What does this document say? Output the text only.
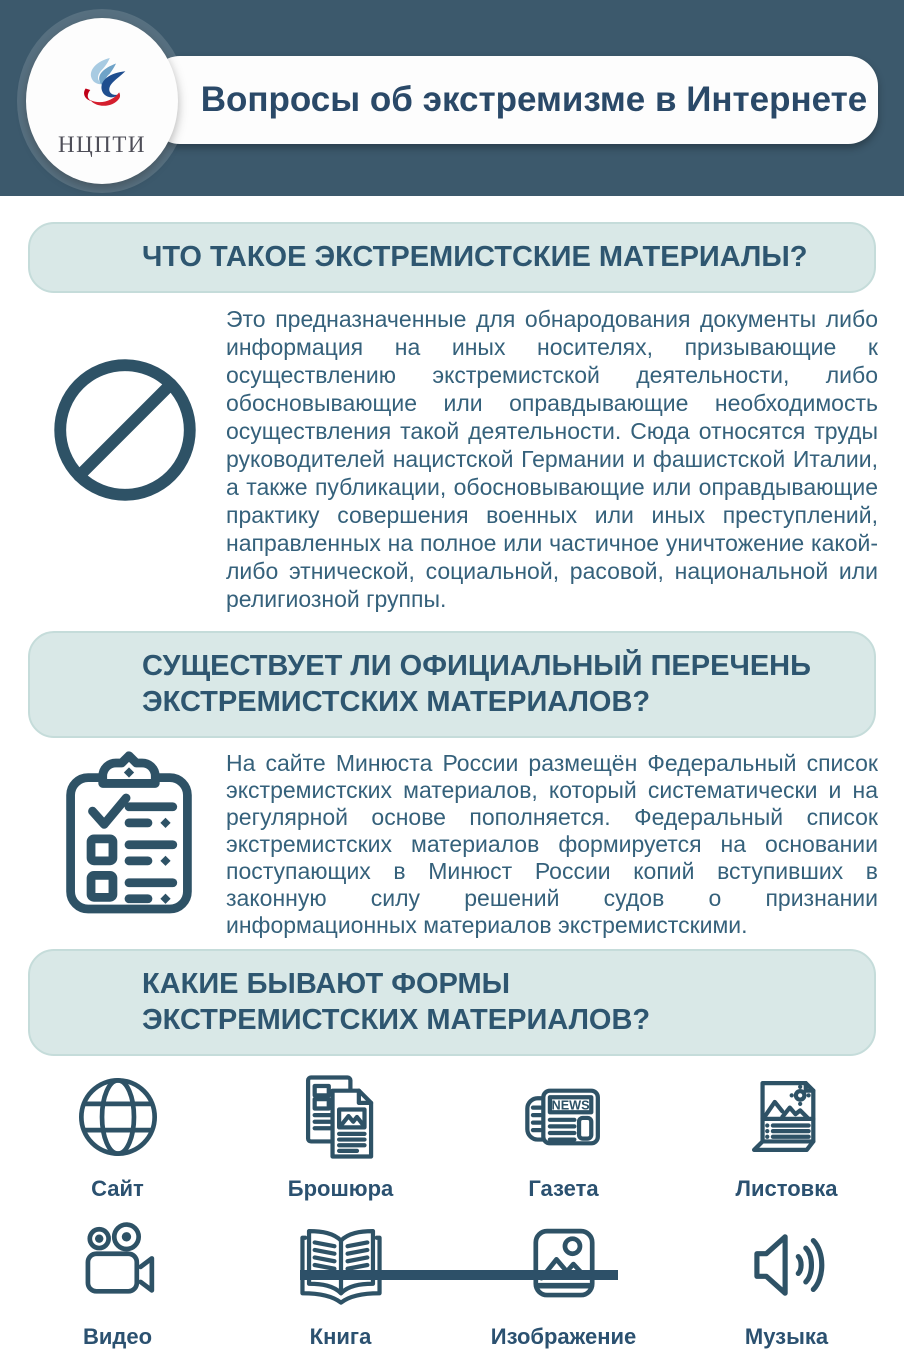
НЦПТИ
Вопросы об экстремизме в Интернете
ЧТО ТАКОЕ ЭКСТРЕМИСТСКИЕ МАТЕРИАЛЫ?

Это предназначенные для обнародования документы либо информация на иных носителях, призывающие к осуществлению экстремистской деятельности, либо обосновывающие или оправдывающие необходимость осуществления такой деятельности. Сюда относятся труды руководителей нацистской Германии и фашистской Италии, а также публикации, обосновывающие или оправдывающие практику совершения военных или иных преступлений, направленных на полное или частичное уничтожение какой-либо этнической, социальной, расовой, национальной или религиозной группы.

СУЩЕСТВУЕТ ЛИ ОФИЦИАЛЬНЫЙ ПЕРЕЧЕНЬ
ЭКСТРЕМИСТСКИХ МАТЕРИАЛОВ?

На сайте Минюста России размещён Федеральный список экстремистских материалов, который систематически и на регулярной основе пополняется. Федеральный список экстремистских материалов формируется на основании поступающих в Минюст России копий вступивших в законную силу решений судов о признании информационных материалов экстремистскими.

КАКИЕ БЫВАЮТ ФОРМЫ
ЭКСТРЕМИСТСКИХ МАТЕРИАЛОВ?
Сайт	Брошюра
NEWS
Газета	Листовка
Видео	Книга	Изображение	Музыка
